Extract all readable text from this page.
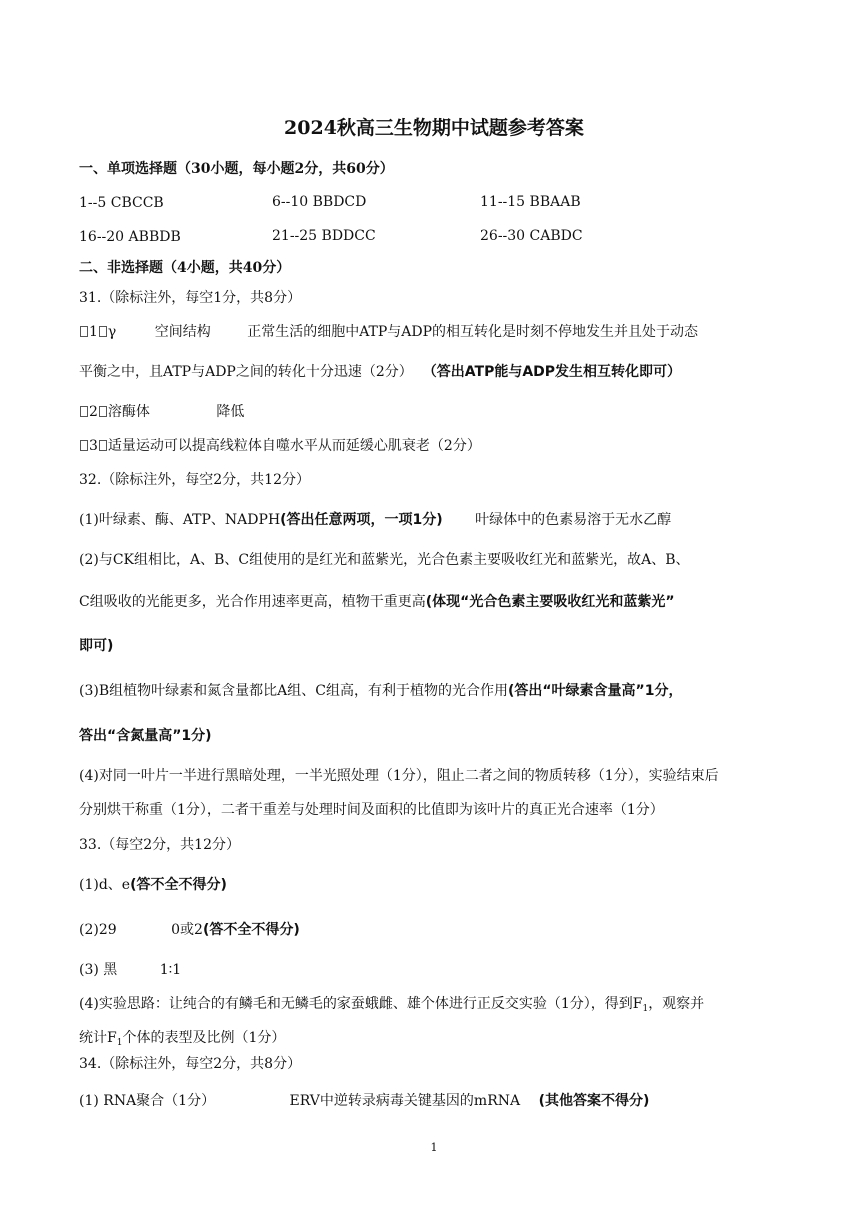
2024秋高三生物期中试题参考答案
一、单项选择题（30小题，每小题2分，共60分）
1--5 CBCCB	6--10 BBDCD	11--15 BBAAB
16--20 ABBDB	21--25 BDDCC	26--30 CABDC
二、非选择题（4小题，共40分）
31.（除标注外，每空1分，共8分）
1 γ	空间结构	正常生活的细胞中ATP与ADP的相互转化是时刻不停地发生并且处于动态
平衡之中，且ATP与ADP之间的转化十分迅速（2分） （答出ATP能与ADP发生相互转化即可）
2 溶酶体	降低
3 适量运动可以提高线粒体自噬水平从而延缓心肌衰老（2分）
32.（除标注外，每空2分，共12分）
(1)叶绿素、酶、ATP、NADPH(答出任意两项，一项1分) 叶绿体中的色素易溶于无水乙醇
(2)与CK组相比，A、B、C组使用的是红光和蓝紫光，光合色素主要吸收红光和蓝紫光，故A、B、
C组吸收的光能更多，光合作用速率更高，植物干重更高(体现“光合色素主要吸收红光和蓝紫光”
即可)
(3)B组植物叶绿素和氮含量都比A组、C组高，有利于植物的光合作用(答出“叶绿素含量高”1分，
答出“含氮量高”1分)
(4)对同一叶片一半进行黑暗处理，一半光照处理（1分），阻止二者之间的物质转移（1分），实验结束后
分别烘干称重（1分），二者干重差与处理时间及面积的比值即为该叶片的真正光合速率（1分）
33.（每空2分，共12分）
(1)d、e(答不全不得分)
(2)29	0或2(答不全不得分)
(3) 黑	1∶1
(4)实验思路：让纯合的有鳞毛和无鳞毛的家蚕蛾雌、雄个体进行正反交实验（1分），得到$F_1$，观察并
统计$F_1$个体的表型及比例（1分）
34.（除标注外，每空2分，共8分）
(1) RNA聚合（1分）	ERV中逆转录病毒关键基因的mRNA (其他答案不得分)
1
